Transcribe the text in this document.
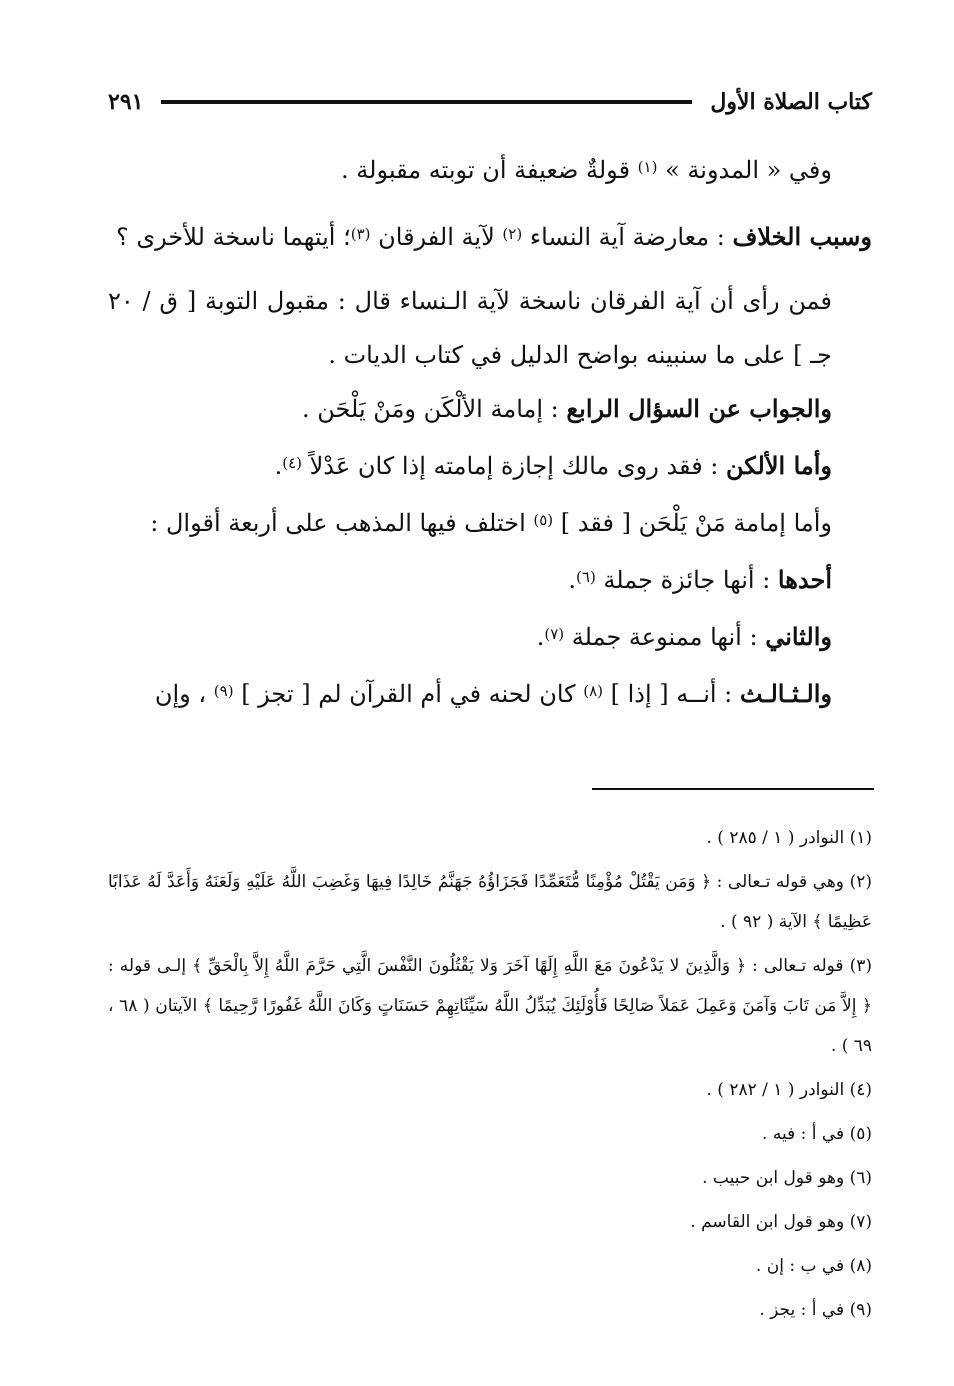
كتاب الصلاة الأول
٢٩١

وفي « المدونة » $^{(١)}$ قولةٌ ضعيفة أن توبته مقبولة .

وسبب الخلاف : معارضة آية النساء $^{(٢)}$ لآية الفرقان $^{(٣)}$؛ أيتهما ناسخة للأخرى ؟

فمن رأى أن آية الفرقان ناسخة لآية الـنساء قال : مقبول التوبة [ ق / ٢٠ جـ ] على ما سنبينه بواضح الدليل في كتاب الديات .

والجواب عن السؤال الرابع : إمامة الألْكَن ومَنْ يَلْحَن .

وأما الألكن : فقد روى مالك إجازة إمامته إذا كان عَدْلاً $^{(٤)}$.

وأما إمامة مَنْ يَلْحَن [ فقد ] $^{(٥)}$ اختلف فيها المذهب على أربعة أقوال :

أحدها : أنها جائزة جملة $^{(٦)}$.

والثاني : أنها ممنوعة جملة $^{(٧)}$.

والـثـالـث : أنــه [ إذا ] $^{(٨)}$ كان لحنه في أم القرآن لم [ تجز ] $^{(٩)}$ ، وإن

(١) النوادر ( ١ / ٢٨٥ ) .

(٢) وهي قوله تـعالى : ﴿ وَمَن يَقْتُلْ مُؤْمِنًا مُّتَعَمِّدًا فَجَزَاؤُهُ جَهَنَّمُ خَالِدًا فِيهَا وَغَضِبَ اللَّهُ عَلَيْهِ وَلَعَنَهُ وَأَعَدَّ لَهُ عَذَابًا عَظِيمًا ﴾ الآية ( ٩٢ ) .

(٣) قوله تـعالى : ﴿ وَالَّذِينَ لا يَدْعُونَ مَعَ اللَّهِ إِلَهًا آخَرَ وَلا يَقْتُلُونَ النَّفْسَ الَّتِي حَرَّمَ اللَّهُ إِلاَّ بِالْحَقِّ ﴾ إلـى قوله : ﴿ إِلاَّ مَن تَابَ وَآمَنَ وَعَمِلَ عَمَلاً صَالِحًا فَأُوْلَئِكَ يُبَدِّلُ اللَّهُ سَيِّئَاتِهِمْ حَسَنَاتٍ وَكَانَ اللَّهُ غَفُورًا رَّحِيمًا ﴾ الآيتان ( ٦٨ ، ٦٩ ) .

(٤) النوادر ( ١ / ٢٨٢ ) .

(٥) في أ : فيه .

(٦) وهو قول ابن حبيب .

(٧) وهو قول ابن القاسم .

(٨) في ب : إن .

(٩) في أ : يجز .
